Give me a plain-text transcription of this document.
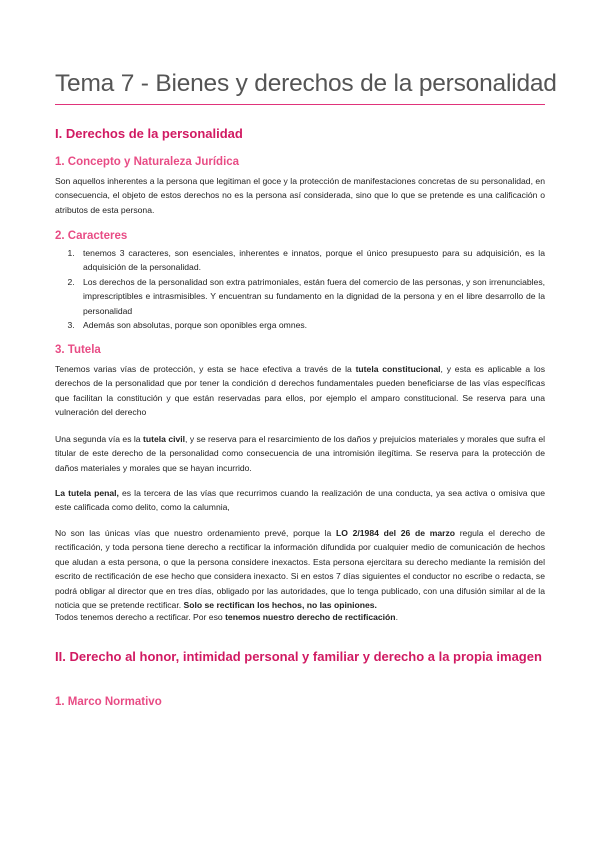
Tema 7 - Bienes y derechos de la personalidad
I. Derechos de la personalidad
1. Concepto y Naturaleza Jurídica
Son aquellos inherentes a la persona que legitiman el goce y la protección de manifestaciones concretas de su personalidad, en consecuencia, el objeto de estos derechos no es la persona así considerada, sino que lo que se pretende es una calificación o atributos de esta persona.
2. Caracteres
1. tenemos 3 caracteres, son esenciales, inherentes e innatos, porque el único presupuesto para su adquisición, es la adquisición de la personalidad.
2. Los derechos de la personalidad son extra patrimoniales, están fuera del comercio de las personas, y son irrenunciables, imprescriptibles e intrasmisibles. Y encuentran su fundamento en la dignidad de la persona y en el libre desarrollo de la personalidad
3. Además son absolutas, porque son oponibles erga omnes.
3. Tutela
Tenemos varias vías de protección, y esta se hace efectiva a través de la tutela constitucional, y esta es aplicable a los derechos de la personalidad que por tener la condición d derechos fundamentales pueden beneficiarse de las vías específicas que facilitan la constitución y que están reservadas para ellos, por ejemplo el amparo constitucional. Se reserva para una vulneración del derecho
Una segunda vía es la tutela civil, y se reserva para el resarcimiento de los daños y prejuicios materiales y morales que sufra el titular de este derecho de la personalidad como consecuencia de una intromisión ilegítima. Se reserva para la protección de daños materiales y morales que se hayan incurrido.
La tutela penal, es la tercera de las vías que recurrimos cuando la realización de una conducta, ya sea activa o omisiva que este calificada como delito, como la calumnia,
No son las únicas vías que nuestro ordenamiento prevé, porque la LO 2/1984 del 26 de marzo regula el derecho de rectificación, y toda persona tiene derecho a rectificar la información difundida por cualquier medio de comunicación de hechos que aludan a esta persona, o que la persona considere inexactos. Esta persona ejercitara su derecho mediante la remisión del escrito de rectificación de ese hecho que considera inexacto. Si en estos 7 días siguientes el conductor no escribe o redacta, se podrá obligar al director que en tres días, obligado por las autoridades, que lo tenga publicado, con una difusión similar al de la noticia que se pretende rectificar. Solo se rectifican los hechos, no las opiniones.
Todos tenemos derecho a rectificar. Por eso tenemos nuestro derecho de rectificación.
II. Derecho al honor, intimidad personal y familiar y derecho a la propia imagen
1. Marco Normativo
